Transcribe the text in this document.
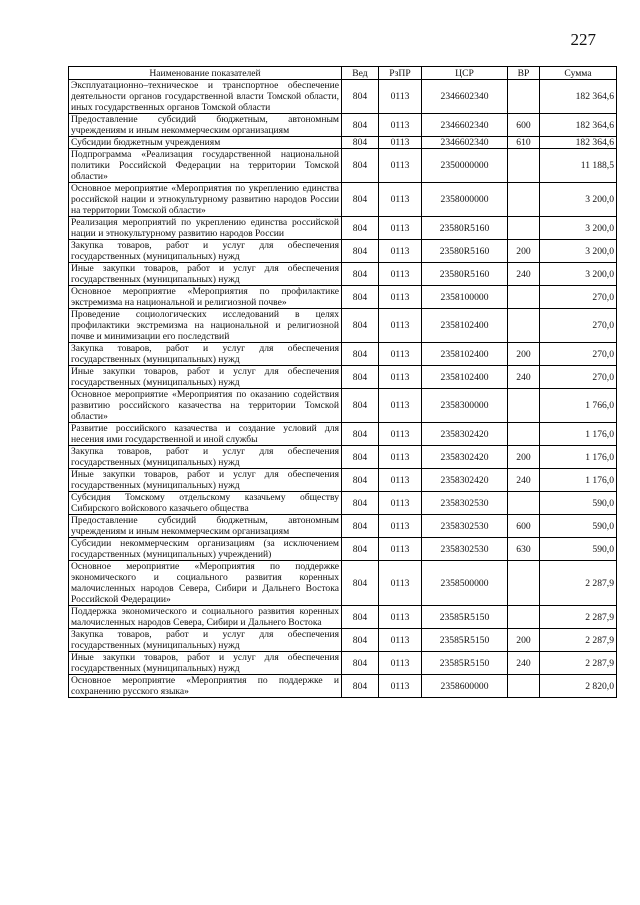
227
Наименование показателей	Вед	РзПР	ЦСР	ВР	Сумма
Эксплуатационно–техническое и транспортное обеспечение деятельности органов государственной власти Томской области, иных государственных органов Томской области	804	0113	2346602340		182 364,6
Предоставление субсидий бюджетным, автономным учреждениям и иным некоммерческим организациям	804	0113	2346602340	600	182 364,6
Субсидии бюджетным учреждениям	804	0113	2346602340	610	182 364,6
Подпрограмма «Реализация государственной национальной политики Российской Федерации на территории Томской области»	804	0113	2350000000		11 188,5
Основное мероприятие «Мероприятия по укреплению единства российской нации и этнокультурному развитию народов России на территории Томской области»	804	0113	2358000000		3 200,0
Реализация мероприятий по укреплению единства российской нации и этнокультурному развитию народов России	804	0113	23580R5160		3 200,0
Закупка товаров, работ и услуг для обеспечения государственных (муниципальных) нужд	804	0113	23580R5160	200	3 200,0
Иные закупки товаров, работ и услуг для обеспечения государственных (муниципальных) нужд	804	0113	23580R5160	240	3 200,0
Основное мероприятие «Мероприятия по профилактике экстремизма на национальной и религиозной почве»	804	0113	2358100000		270,0
Проведение социологических исследований в целях профилактики экстремизма на национальной и религиозной почве и минимизации его последствий	804	0113	2358102400		270,0
Закупка товаров, работ и услуг для обеспечения государственных (муниципальных) нужд	804	0113	2358102400	200	270,0
Иные закупки товаров, работ и услуг для обеспечения государственных (муниципальных) нужд	804	0113	2358102400	240	270,0
Основное мероприятие «Мероприятия по оказанию содействия развитию российского казачества на территории Томской области»	804	0113	2358300000		1 766,0
Развитие российского казачества и создание условий для несения ими государственной и иной службы	804	0113	2358302420		1 176,0
Закупка товаров, работ и услуг для обеспечения государственных (муниципальных) нужд	804	0113	2358302420	200	1 176,0
Иные закупки товаров, работ и услуг для обеспечения государственных (муниципальных) нужд	804	0113	2358302420	240	1 176,0
Субсидия Томскому отдельскому казачьему обществу Сибирского войскового казачьего общества	804	0113	2358302530		590,0
Предоставление субсидий бюджетным, автономным учреждениям и иным некоммерческим организациям	804	0113	2358302530	600	590,0
Субсидии некоммерческим организациям (за исключением государственных (муниципальных) учреждений)	804	0113	2358302530	630	590,0
Основное мероприятие «Мероприятия по поддержке экономического и социального развития коренных малочисленных народов Севера, Сибири и Дальнего Востока Российской Федерации»	804	0113	2358500000		2 287,9
Поддержка экономического и социального развития коренных малочисленных народов Севера, Сибири и Дальнего Востока	804	0113	23585R5150		2 287,9
Закупка товаров, работ и услуг для обеспечения государственных (муниципальных) нужд	804	0113	23585R5150	200	2 287,9
Иные закупки товаров, работ и услуг для обеспечения государственных (муниципальных) нужд	804	0113	23585R5150	240	2 287,9
Основное мероприятие «Мероприятия по поддержке и сохранению русского языка»	804	0113	2358600000		2 820,0
